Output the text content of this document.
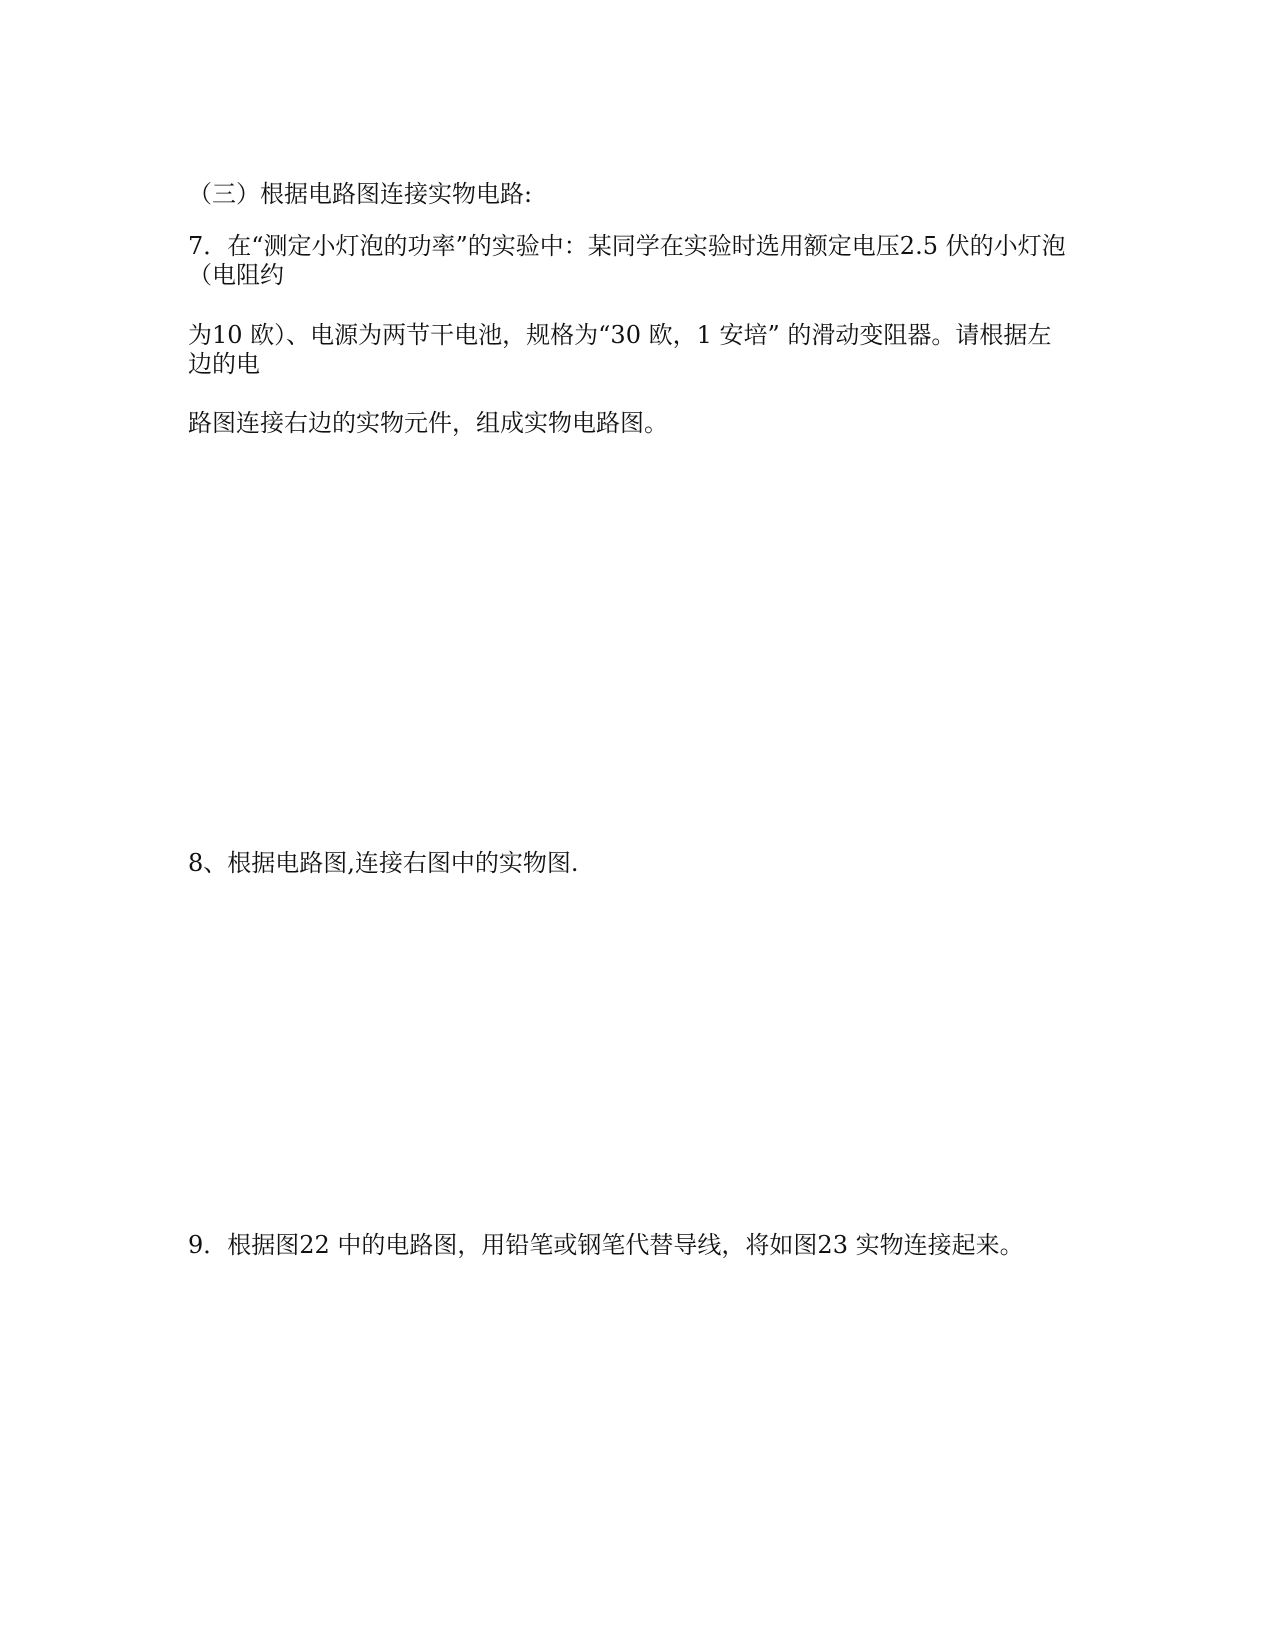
（三）根据电路图连接实物电路:

7．在“测定小灯泡的功率”的实验中：某同学在实验时选用额定电压2.5 伏的小灯泡

（电阻约

为10 欧）、电源为两节干电池，规格为“30 欧，1 安培” 的滑动变阻器。请根据左

边的电

路图连接右边的实物元件，组成实物电路图。

8、根据电路图,连接右图中的实物图.

9．根据图22 中的电路图，用铅笔或钢笔代替导线，将如图23 实物连接起来。
